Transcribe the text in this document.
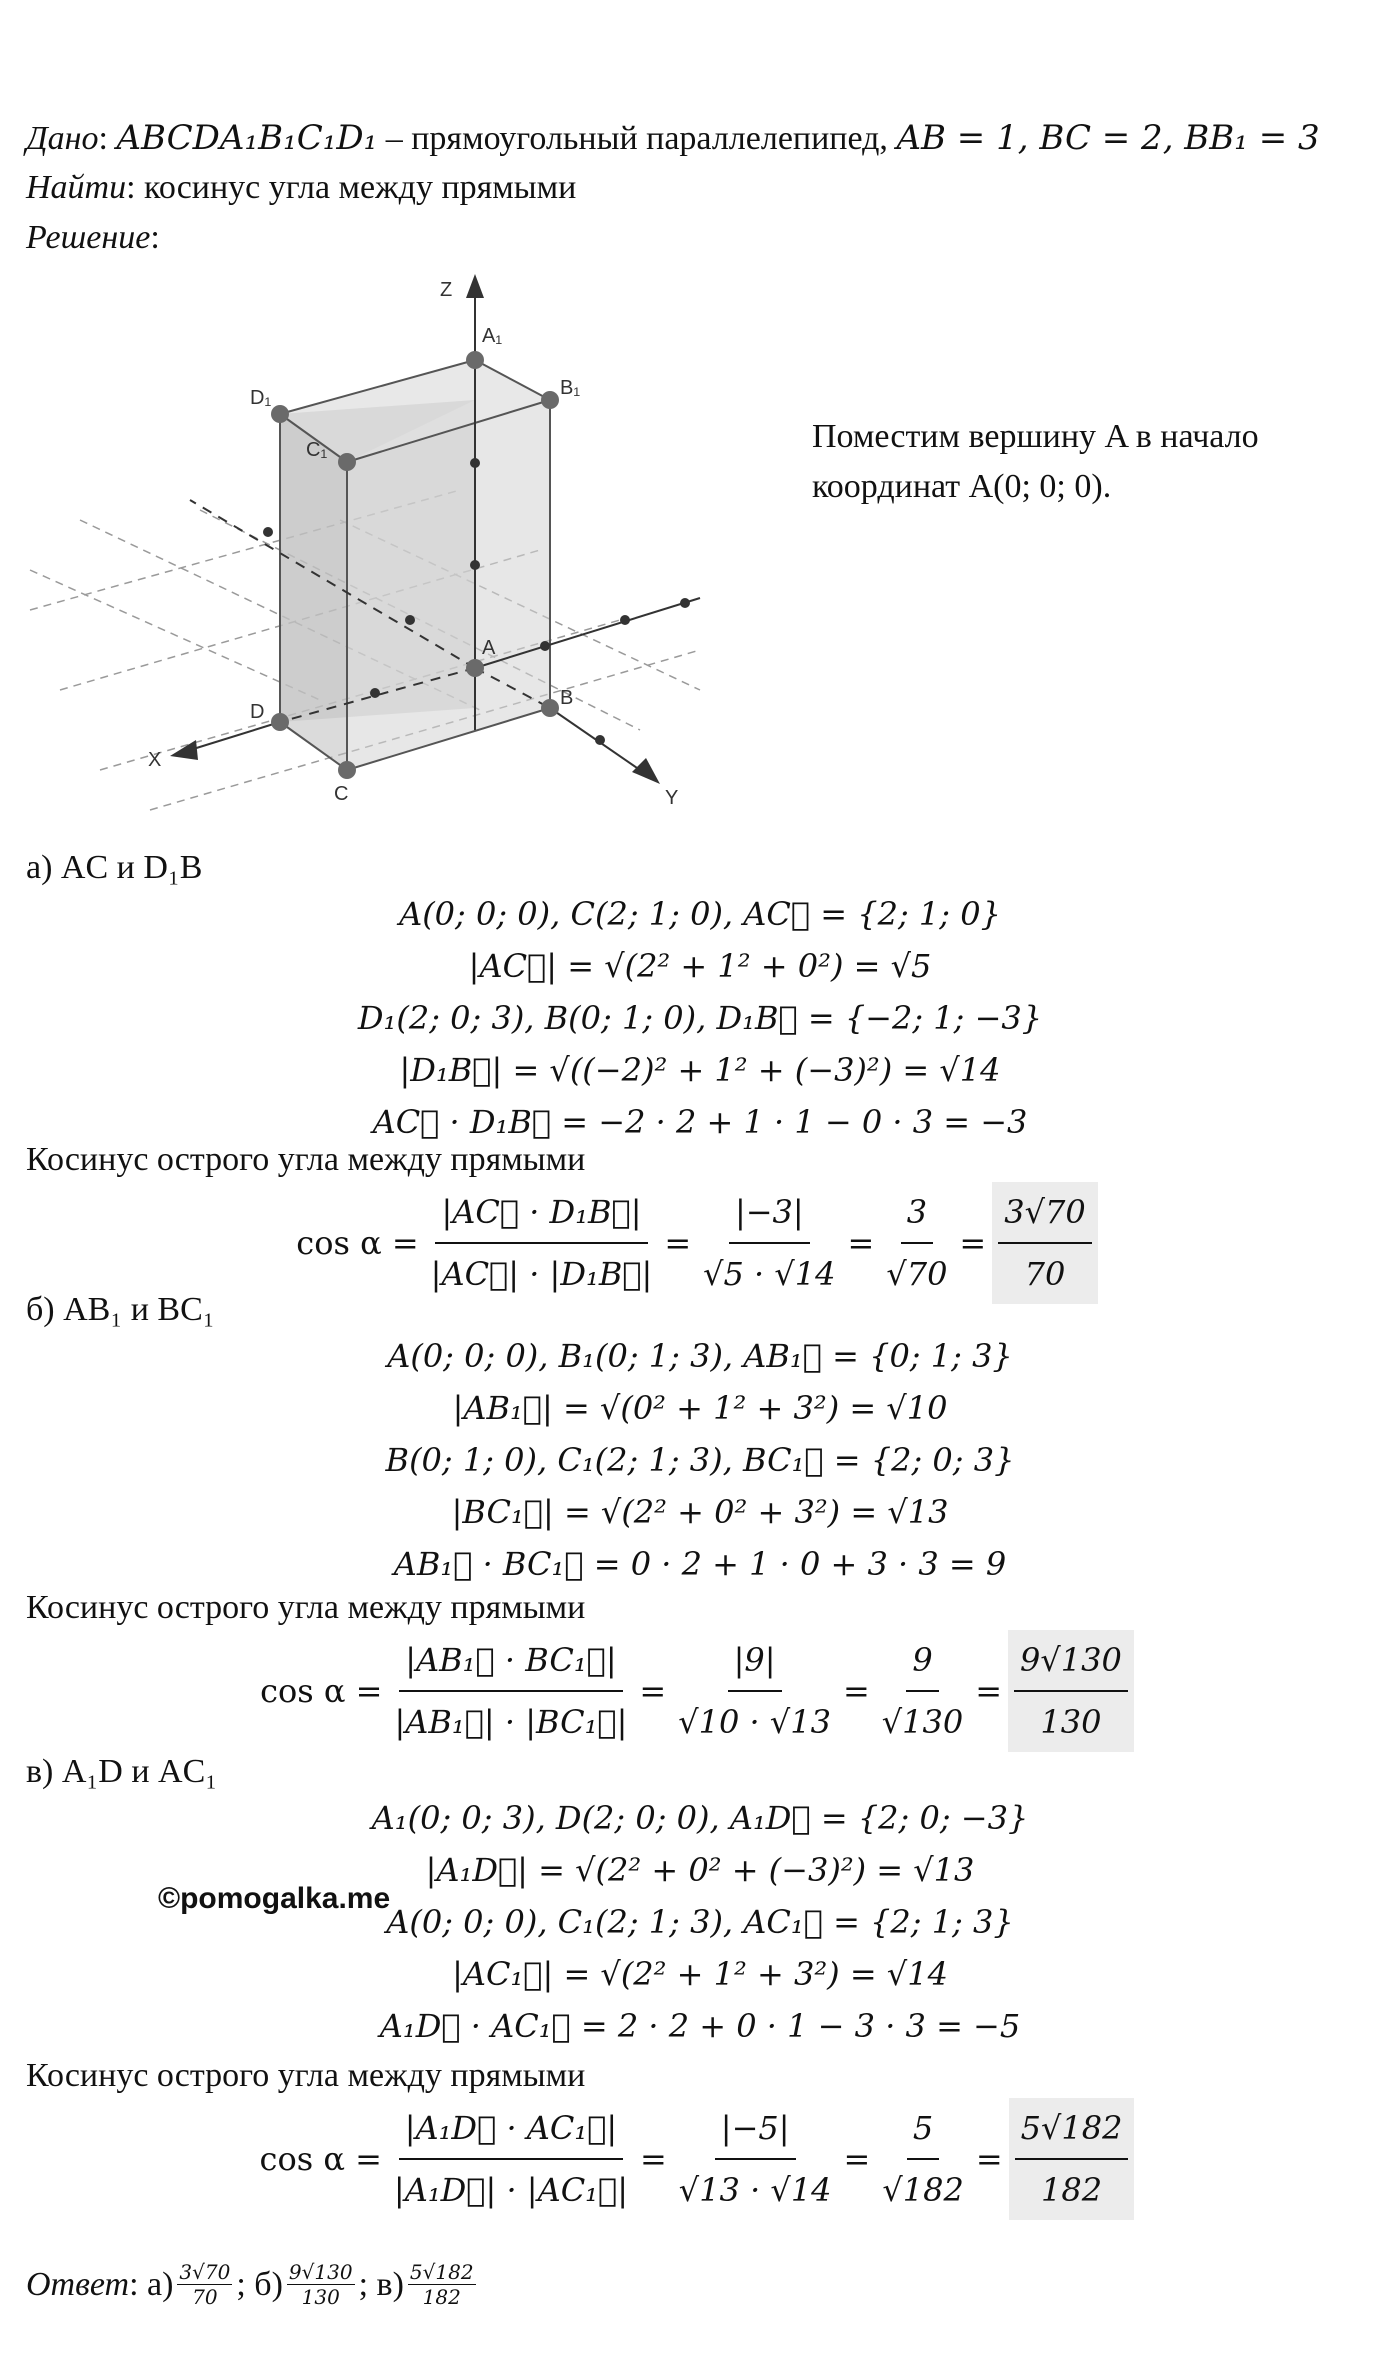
Дано: ABCDA₁B₁C₁D₁ – прямоугольный параллелепипед, AB = 1, BC = 2, BB₁ = 3
Найти: косинус угла между прямыми
Решение:
Z
X
Y
A₁
B₁
D₁
C₁
A
B
D
C
Поместим вершину A в начало
координат A(0; 0; 0).
а) AC и D₁B
A(0; 0; 0), C(2; 1; 0), AC⃗ = {2; 1; 0}
|AC⃗| = √(2² + 1² + 0²) = √5
D₁(2; 0; 3), B(0; 1; 0), D₁B⃗ = {−2; 1; −3}
|D₁B⃗| = √((−2)² + 1² + (−3)²) = √14
AC⃗ · D₁B⃗ = −2 · 2 + 1 · 1 − 0 · 3 = −3
Косинус острого угла между прямыми
$\cos \alpha = \frac{\text{|AC⃗ · D₁B⃗|}}{\text{|AC⃗| · |D₁B⃗|}} = \frac{|-3|}{√5 \cdot √14} = \frac{3}{√70} = \frac{3√70}{70}$
б) AB₁ и BC₁
A(0; 0; 0), B₁(0; 1; 3), AB₁⃗ = {0; 1; 3}
|AB₁⃗| = √(0² + 1² + 3²) = √10
B(0; 1; 0), C₁(2; 1; 3), BC₁⃗ = {2; 0; 3}
|BC₁⃗| = √(2² + 0² + 3²) = √13
AB₁⃗ · BC₁⃗ = 0 · 2 + 1 · 0 + 3 · 3 = 9
Косинус острого угла между прямыми
$\cos \alpha = \frac{\text{|AB₁⃗ · BC₁⃗|}}{\text{|AB₁⃗| · |BC₁⃗|}} = \frac{|9|}{√10 \cdot √13} = \frac{9}{√130} = \frac{9√130}{130}$
в) A₁D и AC₁
A₁(0; 0; 3), D(2; 0; 0), A₁D⃗ = {2; 0; −3}
|A₁D⃗| = √(2² + 0² + (−3)²) = √13
A(0; 0; 0), C₁(2; 1; 3), AC₁⃗ = {2; 1; 3}
|AC₁⃗| = √(2² + 1² + 3²) = √14
A₁D⃗ · AC₁⃗ = 2 · 2 + 0 · 1 − 3 · 3 = −5
©pomogalka.me
Косинус острого угла между прямыми
$\cos \alpha = \frac{\text{|A₁D⃗ · AC₁⃗|}}{\text{|A₁D⃗| · |AC₁⃗|}} = \frac{|-5|}{√13 \cdot √14} = \frac{5}{√182} = \frac{5√182}{182}$
Ответ : а) 3√70
70 ; б) 9√130
130 ; в) 5√182
182
